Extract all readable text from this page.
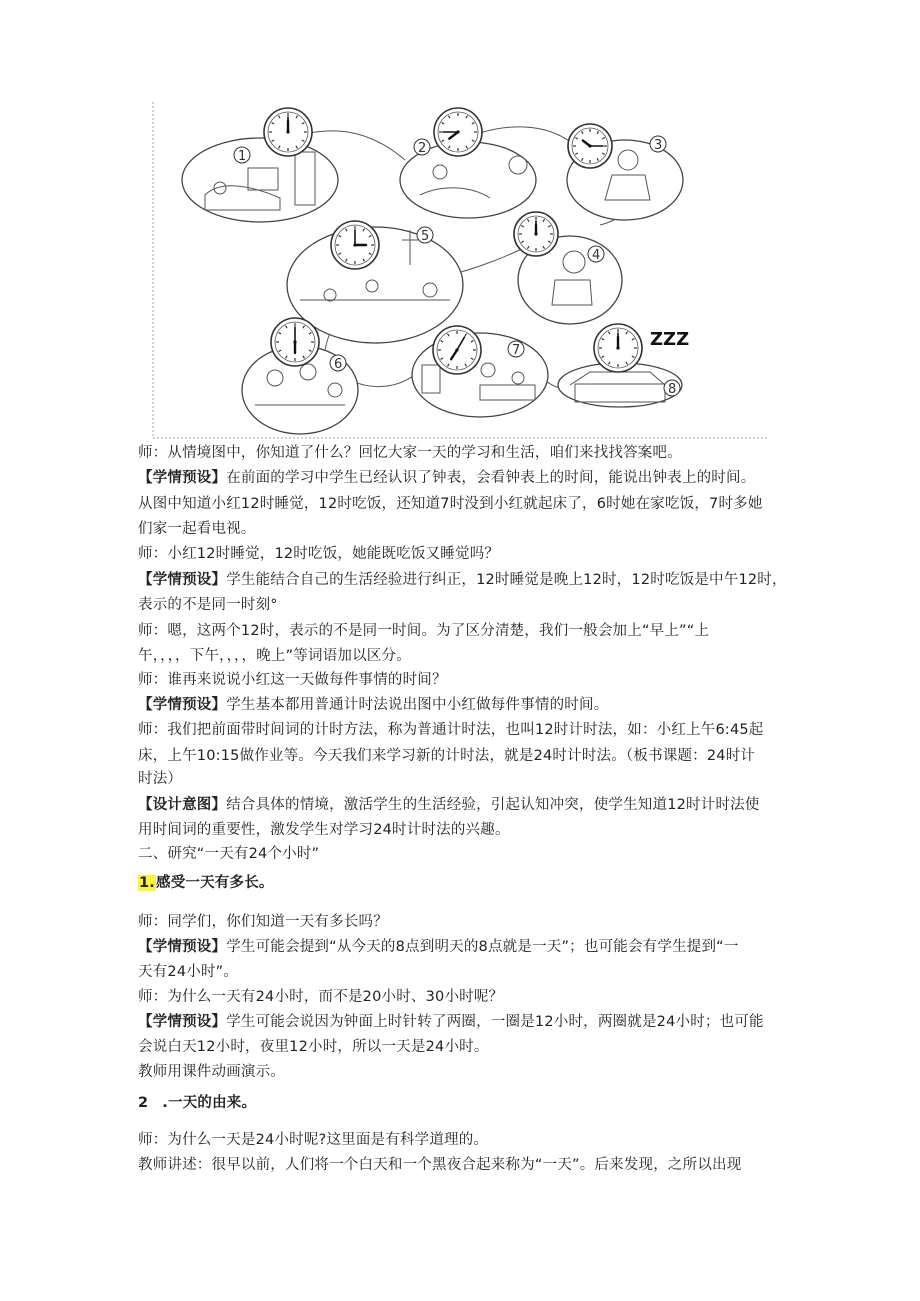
ZZZ
1
2	3
4
5
6
7
8
师：从情境图中，你知道了什么？回忆大家一天的学习和生活，咱们来找找答案吧。
【学情预设】在前面的学习中学生已经认识了钟表，会看钟表上的时间，能说出钟表上的时间。
从图中知道小红12时睡觉，12时吃饭，还知道7时没到小红就起床了，6时她在家吃饭，7时多她
们家一起看电视。
师：小红12时睡觉，12时吃饭，她能既吃饭又睡觉吗？
【学情预设】学生能结合自己的生活经验进行纠正，12时睡觉是晚上12时，12时吃饭是中午12时，
表示的不是同一时刻°
师：嗯，这两个12时，表示的不是同一时间。为了区分清楚，我们一般会加上“早上”“上
午，，，，下午，，，，晚上”等词语加以区分。
师：谁再来说说小红这一天做每件事情的时间？
【学情预设】学生基本都用普通计时法说出图中小红做每件事情的时间。
师：我们把前面带时间词的计时方法，称为普通计时法，也叫12时计时法，如：小红上午6:45起
床，上午10:15做作业等。今天我们来学习新的计时法，就是24时计时法。（板书课题：24时计
时法）
【设计意图】结合具体的情境，激活学生的生活经验，引起认知冲突，使学生知道12时计时法使
用时间词的重要性，激发学生对学习24时计时法的兴趣。
二、研究“一天有24个小时”
1.感受一天有多长。
师：同学们，你们知道一天有多长吗？
【学情预设】学生可能会提到“从今天的8点到明天的8点就是一天”；也可能会有学生提到“一
天有24小时”。
师：为什么一天有24小时，而不是20小时、30小时呢？
【学情预设】学生可能会说因为钟面上时针转了两圈，一圈是12小时，两圈就是24小时；也可能
会说白天12小时，夜里12小时，所以一天是24小时。
教师用课件动画演示。
2 .一天的由来。
师：为什么一天是24小时呢?这里面是有科学道理的。
教师讲述：很早以前，人们将一个白天和一个黑夜合起来称为“一天”。后来发现，之所以出现
